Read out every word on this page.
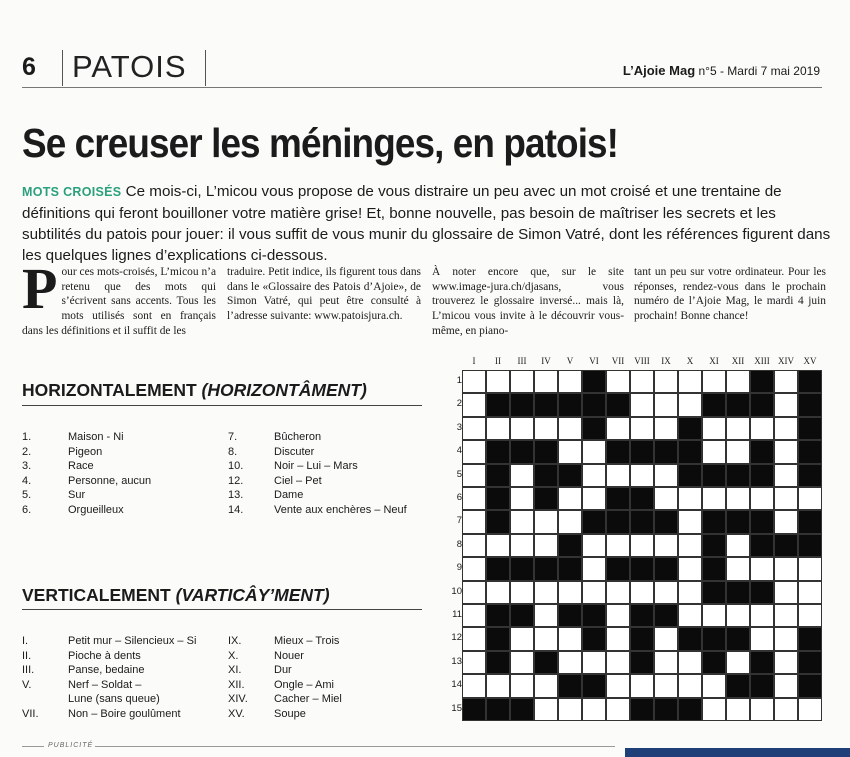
6 PATOIS	L’Ajoie Mag n°5 - Mardi 7 mai 2019
Se creuser les méninges, en patois!
MOTS CROISÉS Ce mois-ci, L’micou vous propose de vous distraire un peu avec un mot croisé et une trentaine de définitions qui feront bouilloner votre matière grise! Et, bonne nouvelle, pas besoin de maîtriser les secrets et les subtilités du patois pour jouer: il vous suffit de vous munir du glossaire de Simon Vatré, dont les références figurent dans les quelques lignes d’explications ci-dessous.
Pour ces mots-croisés, L’micou n’a retenu que des mots qui s’écrivent sans accents. Tous les mots utilisés sont en français dans les définitions et il suffit de les
traduire. Petit indice, ils figurent tous dans dans le «Glossaire des Patois d’Ajoie», de Simon Vatré, qui peut être consulté à l’adresse suivante: www.patoisjura.ch.
À noter encore que, sur le site www.image-jura.ch/djasans, vous trouverez le glossaire inversé... mais là, L’micou vous invite à le découvrir vous-même, en piano-
tant un peu sur votre ordinateur. Pour les réponses, rendez-vous dans le prochain numéro de l’Ajoie Mag, le mardi 4 juin prochain! Bonne chance!
HORIZONTALEMENT (HORIZONTÂMENT)
1.	Maison - Ni
2.	Pigeon
3.	Race
4.	Personne, aucun
5.	Sur
6.	Orgueilleux
7.	Bûcheron
8.	Discuter
10.	Noir – Lui – Mars
12.	Ciel – Pet
13.	Dame
14.	Vente aux enchères – Neuf
VERTICALEMENT (VARTICÂY’MENT)
I.	Petit mur – Silencieux – Si
II.	Pioche à dents
III.	Panse, bedaine
V.	Nerf – Soldat –
Lune (sans queue)
VII.	Non – Boire goulûment
IX.	Mieux – Trois
X.	Nouer
XI.	Dur
XII.	Ongle – Ami
XIV. Cacher – Miel
XV.	Soupe
I	II	III	IV	V	VI	VII	VIII	IX	X	XI	XII	XIII XIV	XV
1
2
3
4
5
6
7
8
9
10
11
12
13
14
15
PUBLICITÉ
